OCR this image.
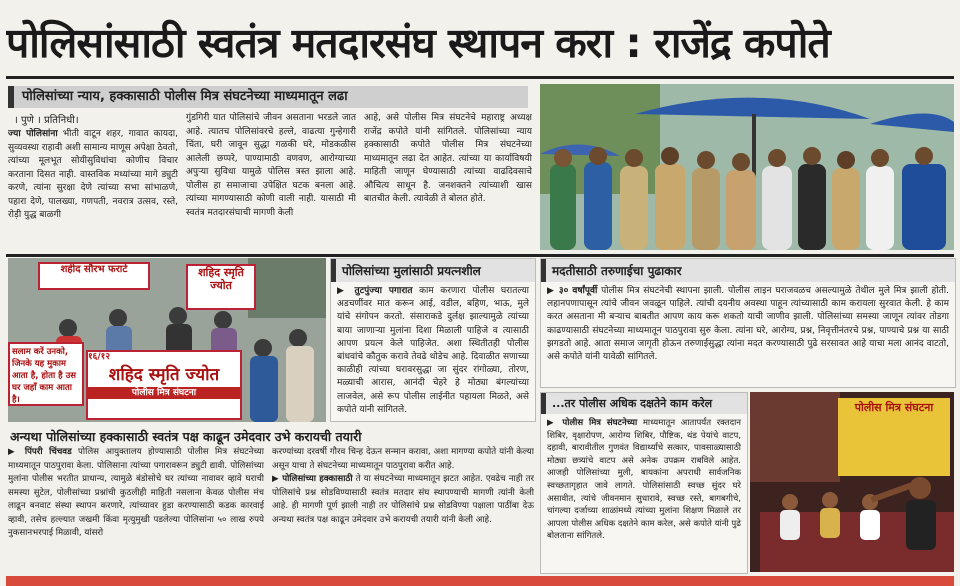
पोलिसांसाठी स्वतंत्र मतदारसंघ स्थापन करा : राजेंद्र कपोते
पोलिसांच्या न्याय, हक्कासाठी पोलीस मित्र संघटनेच्या माध्यमातून लढा
। पुणे । प्रतिनिधी।
ज्या पोलिसांना भीती वाटून शहर, गावात कायदा, सुव्यवस्था राहावी अशी सामान्य माणूस अपेक्षा ठेवतो, त्यांच्या मूलभूत सोयीसुविधांचा कोणीच विचार करताना दिसत नाही. वास्तविक मध्यांच्या मागे ड्युटी करणे, त्यांना सुरक्षा देणे त्यांच्या सभा सांभाळणे, पहारा देणे, पालख्या, गणपती, नवरात्र उत्सव, रस्ते, रोड़ी युद्ध बाळगी
गुंडगिरी यात पोलिसांचे जीवन असताना भरडले जात आहे. त्यातच पोलिसांवरचे हल्ले, वाढत्या गुन्हेगारी चिंता, घरी जावून सुद्धा गळकी घरे, मोडकळीस आलेली छप्परे, पाण्यामाठी वणवण, आरोग्याच्या अपुऱ्या सुविधा यामुळे पोलिस त्रस्त झाला आहे. पोलीस हा समाजाचा उपेक्षित घटक बनला आहे. त्यांच्या मागण्यासाठी कोणी वाली नाही. यासाठी मी स्वतंत्र मतदारसंघाची मागणी केली
आहे, असे पोलीस मित्र संघटनेचे महाराष्ट्र अध्यक्ष राजेंद्र कपोते यांनी सांगितले. पोलिसांच्या न्याय हक्कासाठी कपोते पोलीस मित्र संघटनेच्या माध्यमातून लढा देत आहेत. त्यांच्या या कार्याविषयी माहिती जाणून घेण्यासाठी त्यांच्या वाढदिवसाचे औचित्य साधून है. जनशक्तने त्यांच्याशी खास बातचीत केली. त्यावेळी ते बोलत होते.
शहीद सौरभ फराटे	शहिद स्मृति ज्योत
सलाम करें उनको, जिनके यह मुकाम आता है, होता है उस घर जहाँ काम आता है।
१६/१२
शहिद स्मृति ज्योत
पोलीस मित्र संघटना
पोलिसांच्या मुलांसाठी प्रयत्नशील
▶ तुटपुंज्या पगारात काम करणारा पोलीस घरातल्या अडचणींवर मात करून आई, वडील, बहिण, भाऊ, मुले यांचे संगोपन करतो. संसाराकडे दुर्लक्ष झाल्यामुळे त्यांच्या बाया जाणाऱ्या मुलांना दिशा मिळाली पाहिजे व त्यासाठी आपण प्रयत्न केले पाहिजेत. अशा स्थितीतही पोलीस बांधवांचे कौतुक करावे तेवढे थोडेच आहे. दिवाळीत सणाच्या काळीही त्यांच्या घरावरसुद्धा जा सुंदर रांगोळ्या, तोरण, मळ्याची आरास, आनंदी चेहरे हे मोठ्या बंगल्यांच्या लाजवेल, असे रूप पोलीस लाईनीत पहायला मिळते, असे कपोते यांनी सांगितले.
मदतीसाठी तरुणाईचा पुढाकार
▶ ३० वर्षांपूर्वी पोलीस मित्र संघटनेची स्थापना झाली. पोलीस लाइन घराजवळच असल्यामुळे तेथील मुले मित्र झाली होती. लहानपणापासून त्यांचे जीवन जवळून पाहिले. त्यांची दयनीय अवस्था पाहून त्यांच्यासाठी काम करायला सुरवात केली. हे काम करत असताना मी बऱ्याच बाबतीत आपण काय करू शकतो याची जाणीव झाली. पोलिसांच्या समस्या जाणून त्यांवर तोडगा काढण्यासाठी संघटनेच्या माध्यमातून पाठपुरावा सुरु केला. त्यांना घरे, आरोग्य, प्रश्न, निवृत्तीनंतरचे प्रश्न, पाण्याचे प्रश्न या साठी झगडतो आहे. आता समाज जागृती होऊन तरुणाईसुद्धा त्यांना मदत करण्यासाठी पुढे सरसावत आहे याचा मला आनंद वाटतो, असे कपोते यांनी यावेळी सांगितले.
...तर पोलीस अधिक दक्षतेने काम करेल
▶ पोलीस मित्र संघटनेच्या माध्यमातून आतापर्यंत रक्तदान शिबिर, वृक्षारोपण, आरोग्य शिबिर, पौष्टिक, थंड पेयांचे वाटप, दहावी, बारावीतील गुणवंत विद्यार्थ्यांचे सत्कार, पावसाळ्यासाठी मोठ्या छत्र्यांचे वाटप असे अनेक उपक्रम राबविले आहेत. आजही पोलिसांच्या मुली, बायकांना अपराधी सार्वजनिक स्वच्छतागृहात जावे लागते. पोलिसांसाठी स्वच्छ सुंदर घरे असावीत, त्यांचे जीवनमान सुधारावे, स्वच्छ रस्ते, बागबगीचे, चांगल्या दर्जाच्या शाळांमध्ये त्यांच्या मुलांना शिक्षण मिळाले तर आपला पोलीस अधिक दक्षतेने काम करेल, असे कपोते यांनी पुढे बोलताना सांगितले.
पोलीस मित्र संघटना
अन्यथा पोलिसांच्या हक्कासाठी स्वतंत्र पक्ष काढून उमेदवार उभे करायची तयारी
▶ पिंपरी चिंचवड पोलिस आयुक्तालय होण्यासाठी पोलीस मित्र संघटनेच्या माध्यमातून पाठपुरावा केला. पोलिसाना त्यांच्या पगारावरून ड्युटी द्यावी. पोलिसांच्या मुलांना पोलीस भरतीत प्राधान्य, त्यामुळे बंडोसोचे घर त्यांच्या नावावर व्हावे घराची समस्या सुटेल, पोलीसांच्या प्रश्नांची कुठलीही माहिती नसलाना केवळ पोलीस मंच लाढून बनवाट संस्था स्थापन करणारे, त्यांच्यावर हुडा करण्यासाठी कडक कारवाई व्हावी, तसेच हल्ल्यात जखमी किंवा मृत्युमुखी पडलेल्या पोलिसांना ५० लाख रुपये नुकसानभरपाई मिळावी, यांसरो
करण्यांच्या दरवर्षी गौरव चिन्ह देऊन सन्मान करावा, अशा मागण्या कपोते यांनी केल्या असून याचा ते संघटनेच्या माध्यमातून पाठपुरावा करीत आहे.
▶ पोलिसांच्या हक्कासाठी ते या संघटनेच्या माध्यमातून झटत आहेत. एवढेच नाही तर पोलिसांचे प्रश्न सोडविण्यासाठी स्वतंत्र मतदार संघ स्थापण्याची मागणी त्यांनी केली आहे. ही मागणी पूर्ण झाली नाही तर पोलिसांचे प्रश्न सोडविण्या पक्षाला पाठींबा देऊ अन्यथा स्वतंत्र पक्ष काढून उमेदवार उभे करायची तयारी यांनी केली आहे.
